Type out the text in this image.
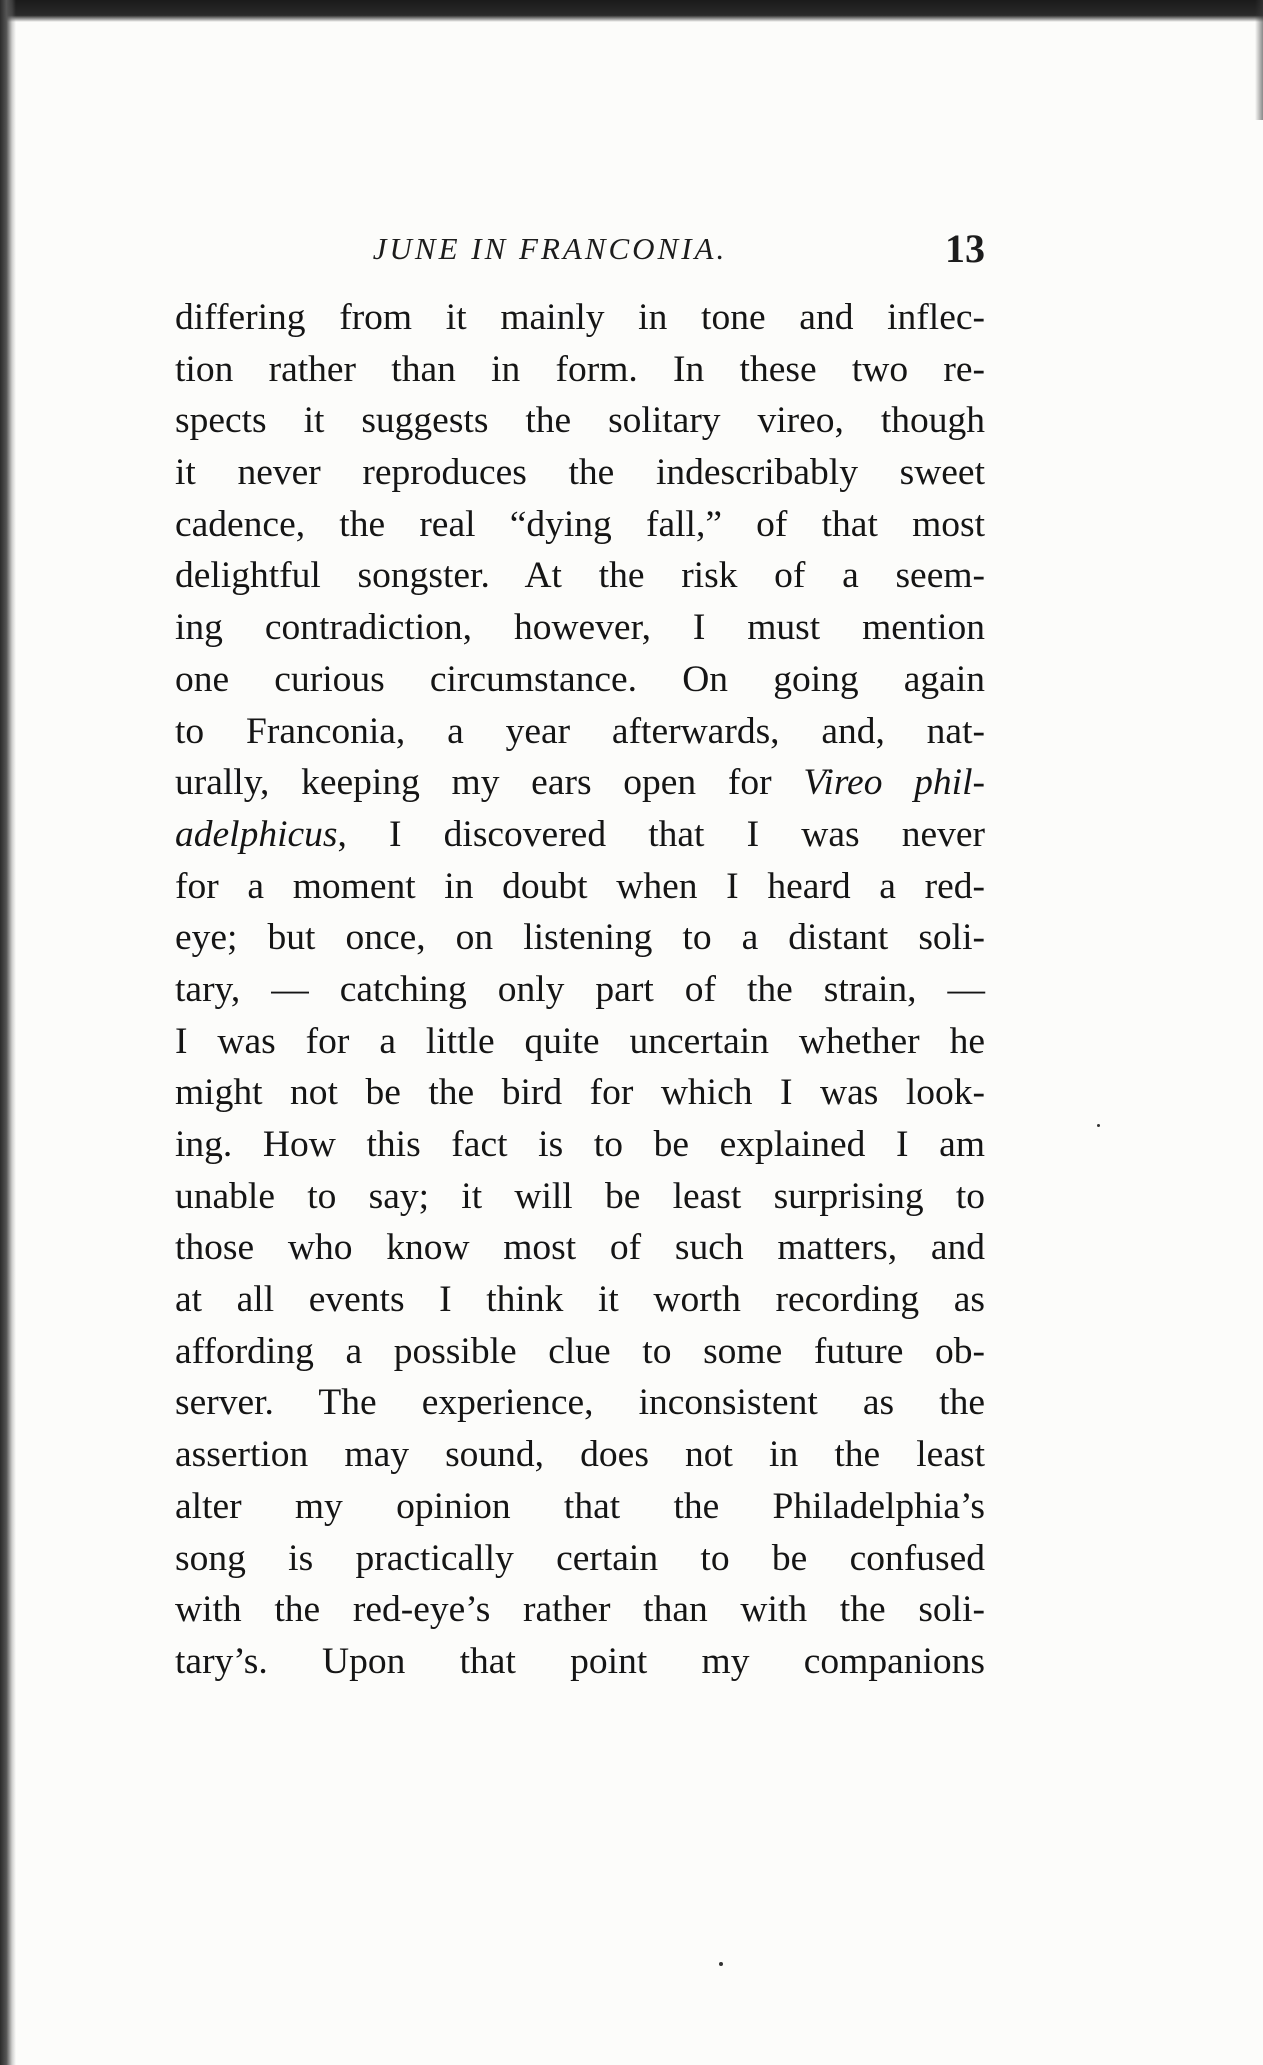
JUNE IN FRANCONIA.	13
differing from it mainly in tone and inflec-
tion rather than in form. In these two re-
spects it suggests the solitary vireo, though
it never reproduces the indescribably sweet
cadence, the real “dying fall,” of that most
delightful songster. At the risk of a seem-
ing contradiction, however, I must mention
one curious circumstance. On going again
to Franconia, a year afterwards, and, nat-
urally, keeping my ears open for Vireo phil-
adelphicus, I discovered that I was never
for a moment in doubt when I heard a red-
eye; but once, on listening to a distant soli-
tary, — catching only part of the strain, —
I was for a little quite uncertain whether he
might not be the bird for which I was look-
ing. How this fact is to be explained I am
unable to say; it will be least surprising to
those who know most of such matters, and
at all events I think it worth recording as
affording a possible clue to some future ob-
server. The experience, inconsistent as the
assertion may sound, does not in the least
alter my opinion that the Philadelphia’s
song is practically certain to be confused
with the red-eye’s rather than with the soli-
tary’s. Upon that point my companions
